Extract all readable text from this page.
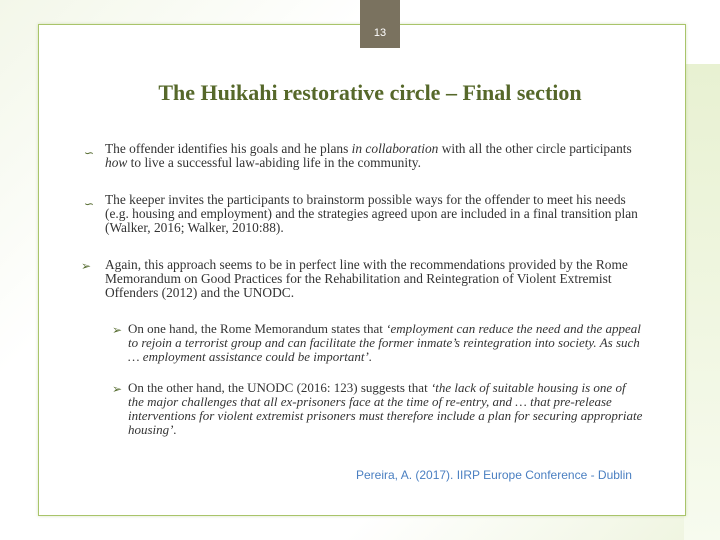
13
The Huikahi restorative circle – Final section
∽ The offender identifies his goals and he plans in collaboration with all the other circle participants how to live a successful law-abiding life in the community.
∽ The keeper invites the participants to brainstorm possible ways for the offender to meet his needs (e.g. housing and employment) and the strategies agreed upon are included in a final transition plan (Walker, 2016; Walker, 2010:88).
➢ Again, this approach seems to be in perfect line with the recommendations provided by the Rome Memorandum on Good Practices for the Rehabilitation and Reintegration of Violent Extremist Offenders (2012) and the UNODC.
➢ On one hand, the Rome Memorandum states that ‘employment can reduce the need and the appeal to rejoin a terrorist group and can facilitate the former inmate’s reintegration into society. As such … employment assistance could be important’.
➢ On the other hand, the UNODC (2016: 123) suggests that ‘the lack of suitable housing is one of the major challenges that all ex-prisoners face at the time of re-entry, and … that pre-release interventions for violent extremist prisoners must therefore include a plan for securing appropriate housing’.
Pereira, A. (2017). IIRP Europe Conference - Dublin
